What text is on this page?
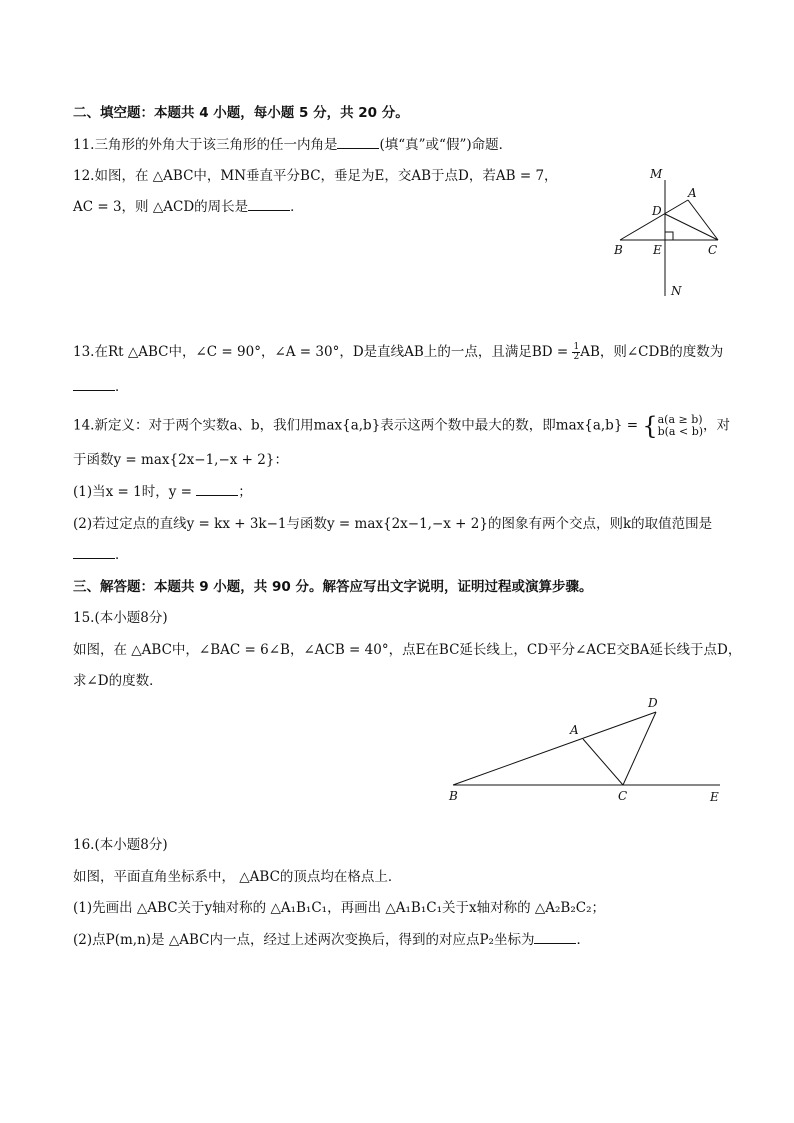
二、填空题：本题共 4 小题，每小题 5 分，共 20 分。
11.三角形的外角大于该三角形的任一内角是	(填“真”或“假”)命题．
12.如图，在 △ABC中，MN垂直平分BC，垂足为E，交AB于点D，若AB = 7，
AC = 3，则 △ACD的周长是	．
M
A
D
B	E	C
N
13.在Rt △ABC中，∠C = 90°，∠A = 30°，D是直线AB上的一点，且满足BD = $\frac{1}{2}$ AB，则∠CDB的度数为
．
14.新定义：对于两个实数a、b，我们用max{a,b}表示这两个数中最大的数，即max{a,b} = { a(a ≥ b)
b(a < b) ，对
于函数y = max{2x−1,−x + 2}：
(1)当x = 1时，y =	；
(2)若过定点的直线y = kx + 3k−1与函数y = max{2x−1,−x + 2}的图象有两个交点，则k的取值范围是
．
三、解答题：本题共 9 小题，共 90 分。解答应写出文字说明，证明过程或演算步骤。
15.(本小题8分)
如图，在 △ABC中，∠BAC = 6∠B，∠ACB = 40°，点E在BC延长线上，CD平分∠ACE交BA延长线于点D，
求∠D的度数．
D
A
B	C	E
16.(本小题8分)
如图，平面直角坐标系中， △ABC的顶点均在格点上．
(1)先画出 △ABC关于y轴对称的 △A₁B₁C₁，再画出 △A₁B₁C₁关于x轴对称的 △A₂B₂C₂；
(2)点P(m,n)是 △ABC内一点，经过上述两次变换后，得到的对应点P₂坐标为	．
